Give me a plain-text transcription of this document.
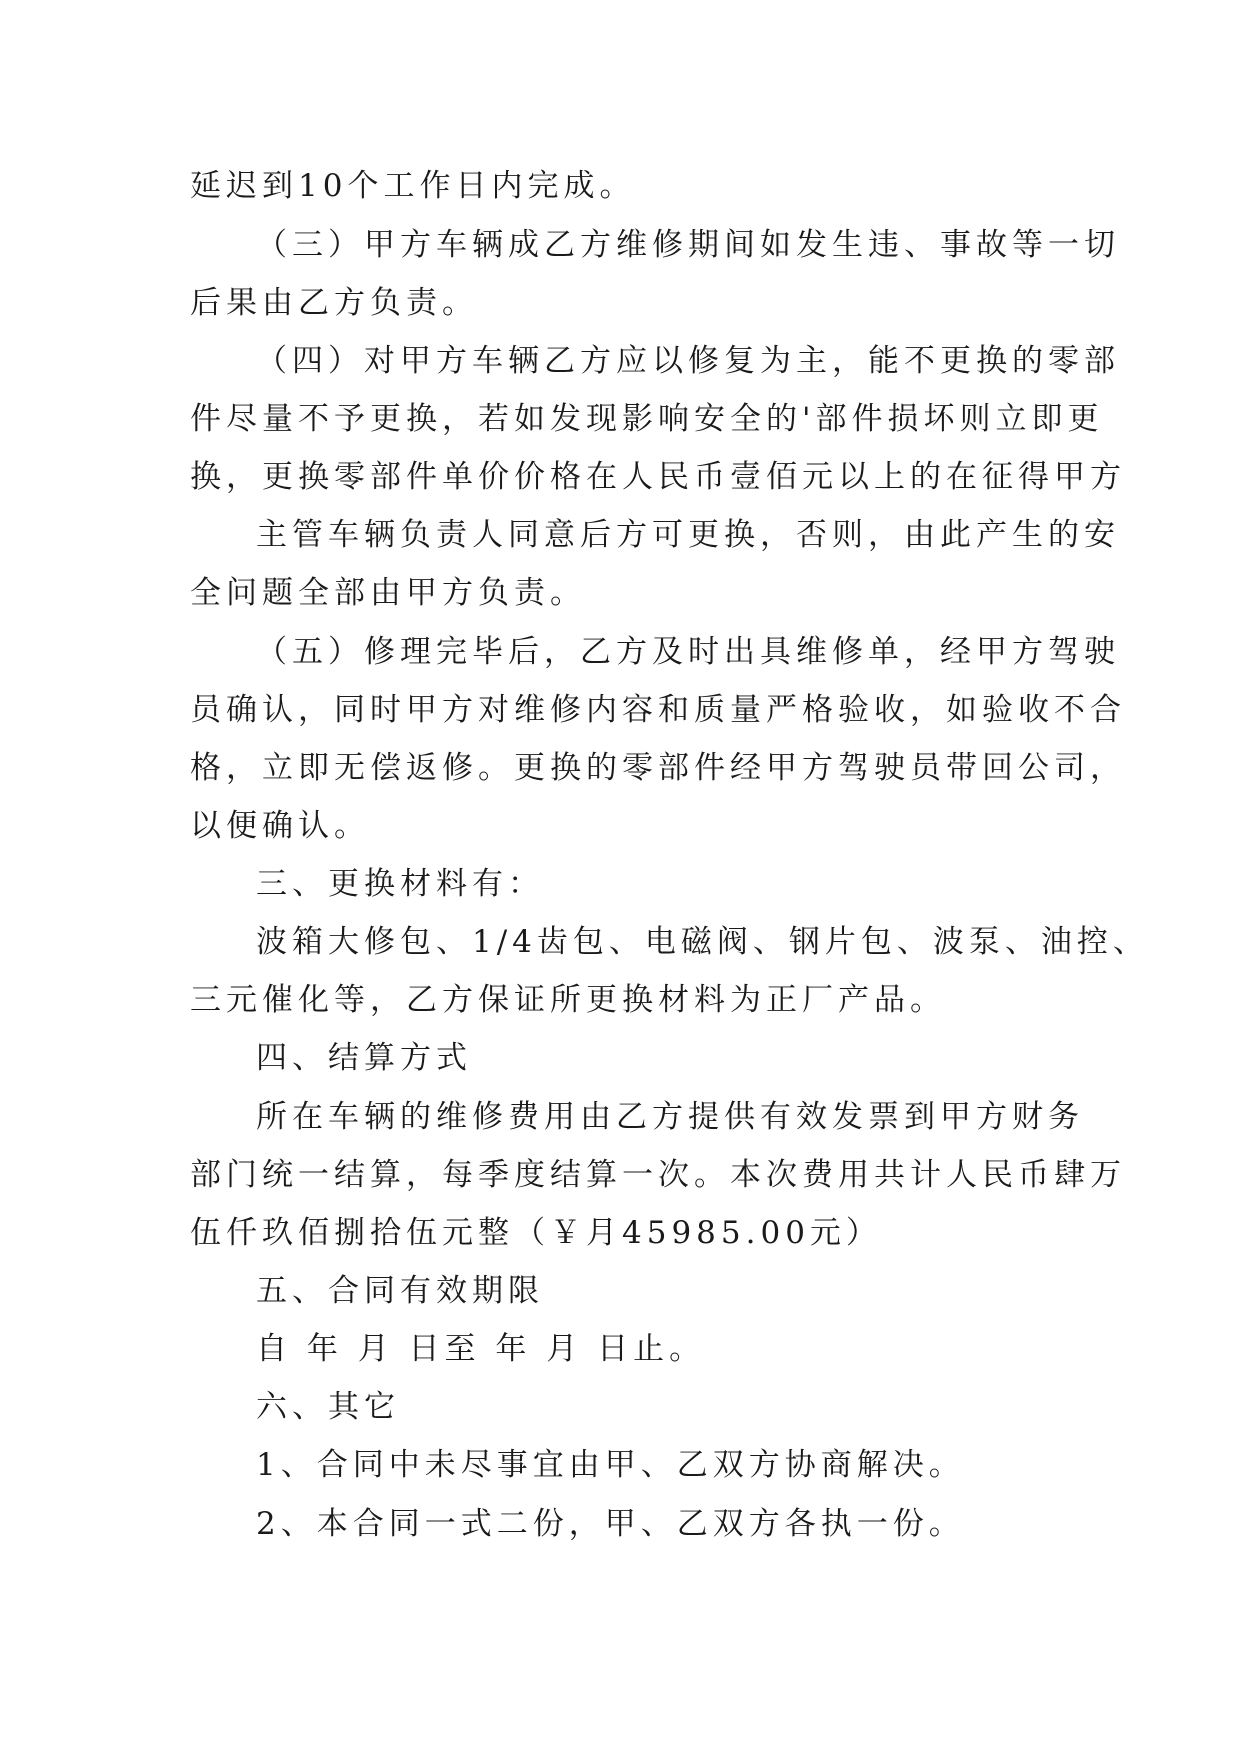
延迟到10个工作日内完成。
（三）甲方车辆成乙方维修期间如发生违、事故等一切
后果由乙方负责。
（四）对甲方车辆乙方应以修复为主，能不更换的零部
件尽量不予更换，若如发现影响安全的'部件损坏则立即更
换，更换零部件单价价格在人民币壹佰元以上的在征得甲方
主管车辆负责人同意后方可更换，否则，由此产生的安
全问题全部由甲方负责。
（五）修理完毕后，乙方及时出具维修单，经甲方驾驶
员确认，同时甲方对维修内容和质量严格验收，如验收不合
格，立即无偿返修。更换的零部件经甲方驾驶员带回公司，
以便确认。
三、更换材料有：
波箱大修包、1/4齿包、电磁阀、钢片包、波泵、油控、
三元催化等，乙方保证所更换材料为正厂产品。
四、结算方式
所在车辆的维修费用由乙方提供有效发票到甲方财务
部门统一结算，每季度结算一次。本次费用共计人民币肆万
伍仟玖佰捌拾伍元整（￥月45985.00元）
五、合同有效期限
自 年 月 日至 年 月 日止。
六、其它
1、合同中未尽事宜由甲、乙双方协商解决。
2、本合同一式二份，甲、乙双方各执一份。
